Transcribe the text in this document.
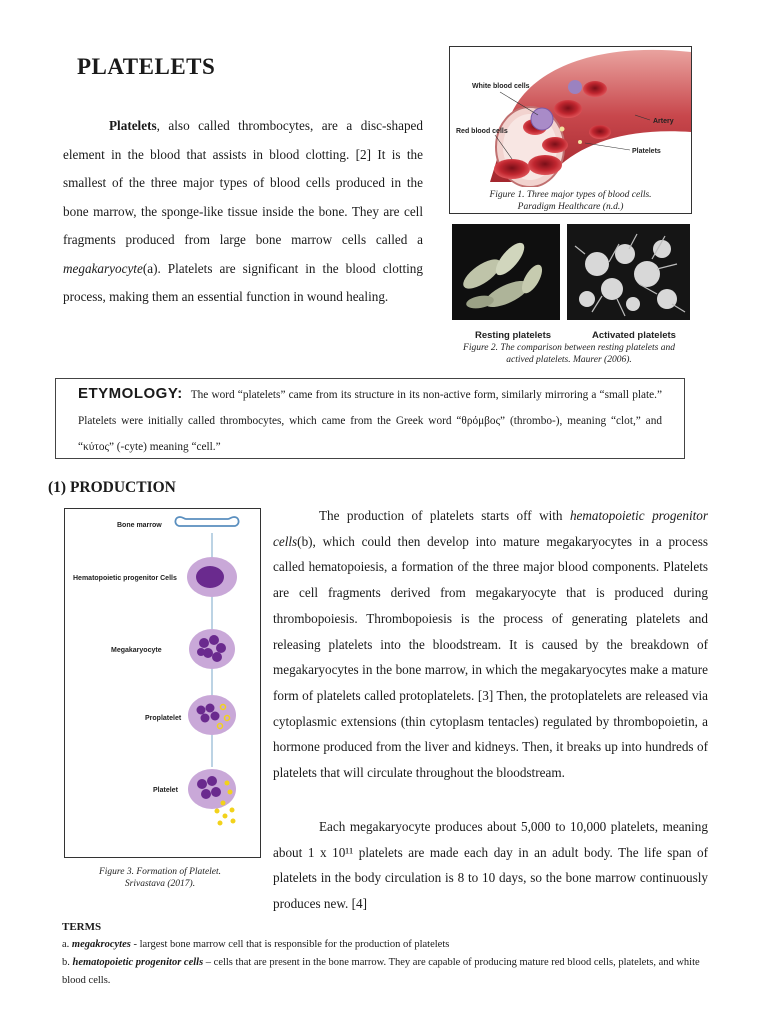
PLATELETS

Platelets, also called thrombocytes, are a disc-shaped element in the blood that assists in blood clotting. [2] It is the smallest of the three major types of blood cells produced in the bone marrow, the sponge-like tissue inside the bone. They are cell fragments produced from large bone marrow cells called a megakaryocyte(a). Platelets are significant in the blood clotting process, making them an essential function in wound healing.

White blood cells
Red blood cells
Artery
Platelets
Figure 1. Three major types of blood cells. Paradigm Healthcare (n.d.)
Resting platelets	Activated platelets
Figure 2. The comparison between resting platelets and actived platelets. Maurer (2006).
ETYMOLOGY: The word “platelets” came from its structure in its non-active form, similarly mirroring a “small plate.” Platelets were initially called thrombocytes, which came from the Greek word “θρόμβος” (thrombo-), meaning “clot,” and “κύτος” (-cyte) meaning “cell.”
(1) PRODUCTION
Bone marrow
Hematopoietic progenitor Cells
Megakaryocyte
Proplatelet
Platelet
Figure 3. Formation of Platelet. Srivastava (2017).

The production of platelets starts off with hematopoietic progenitor cells(b), which could then develop into mature megakaryocytes in a process called hematopoiesis, a formation of the three major blood components. Platelets are cell fragments derived from megakaryocyte that is produced during thrombopoiesis. Thrombopoiesis is the process of generating platelets and releasing platelets into the bloodstream. It is caused by the breakdown of megakaryocytes in the bone marrow, in which the megakaryocytes make a mature form of platelets called protoplatelets. [3] Then, the protoplatelets are released via cytoplasmic extensions (thin cytoplasm tentacles) regulated by thrombopoietin, a hormone produced from the liver and kidneys. Then, it breaks up into hundreds of platelets that will circulate throughout the bloodstream.

Each megakaryocyte produces about 5,000 to 10,000 platelets, meaning about 1 x 10¹¹ platelets are made each day in an adult body. The life span of platelets in the body circulation is 8 to 10 days, so the bone marrow continuously produces new. [4]

TERMS
a. megakrocytes - largest bone marrow cell that is responsible for the production of platelets
b. hematopoietic progenitor cells – cells that are present in the bone marrow. They are capable of producing mature red blood cells, platelets, and white blood cells.
